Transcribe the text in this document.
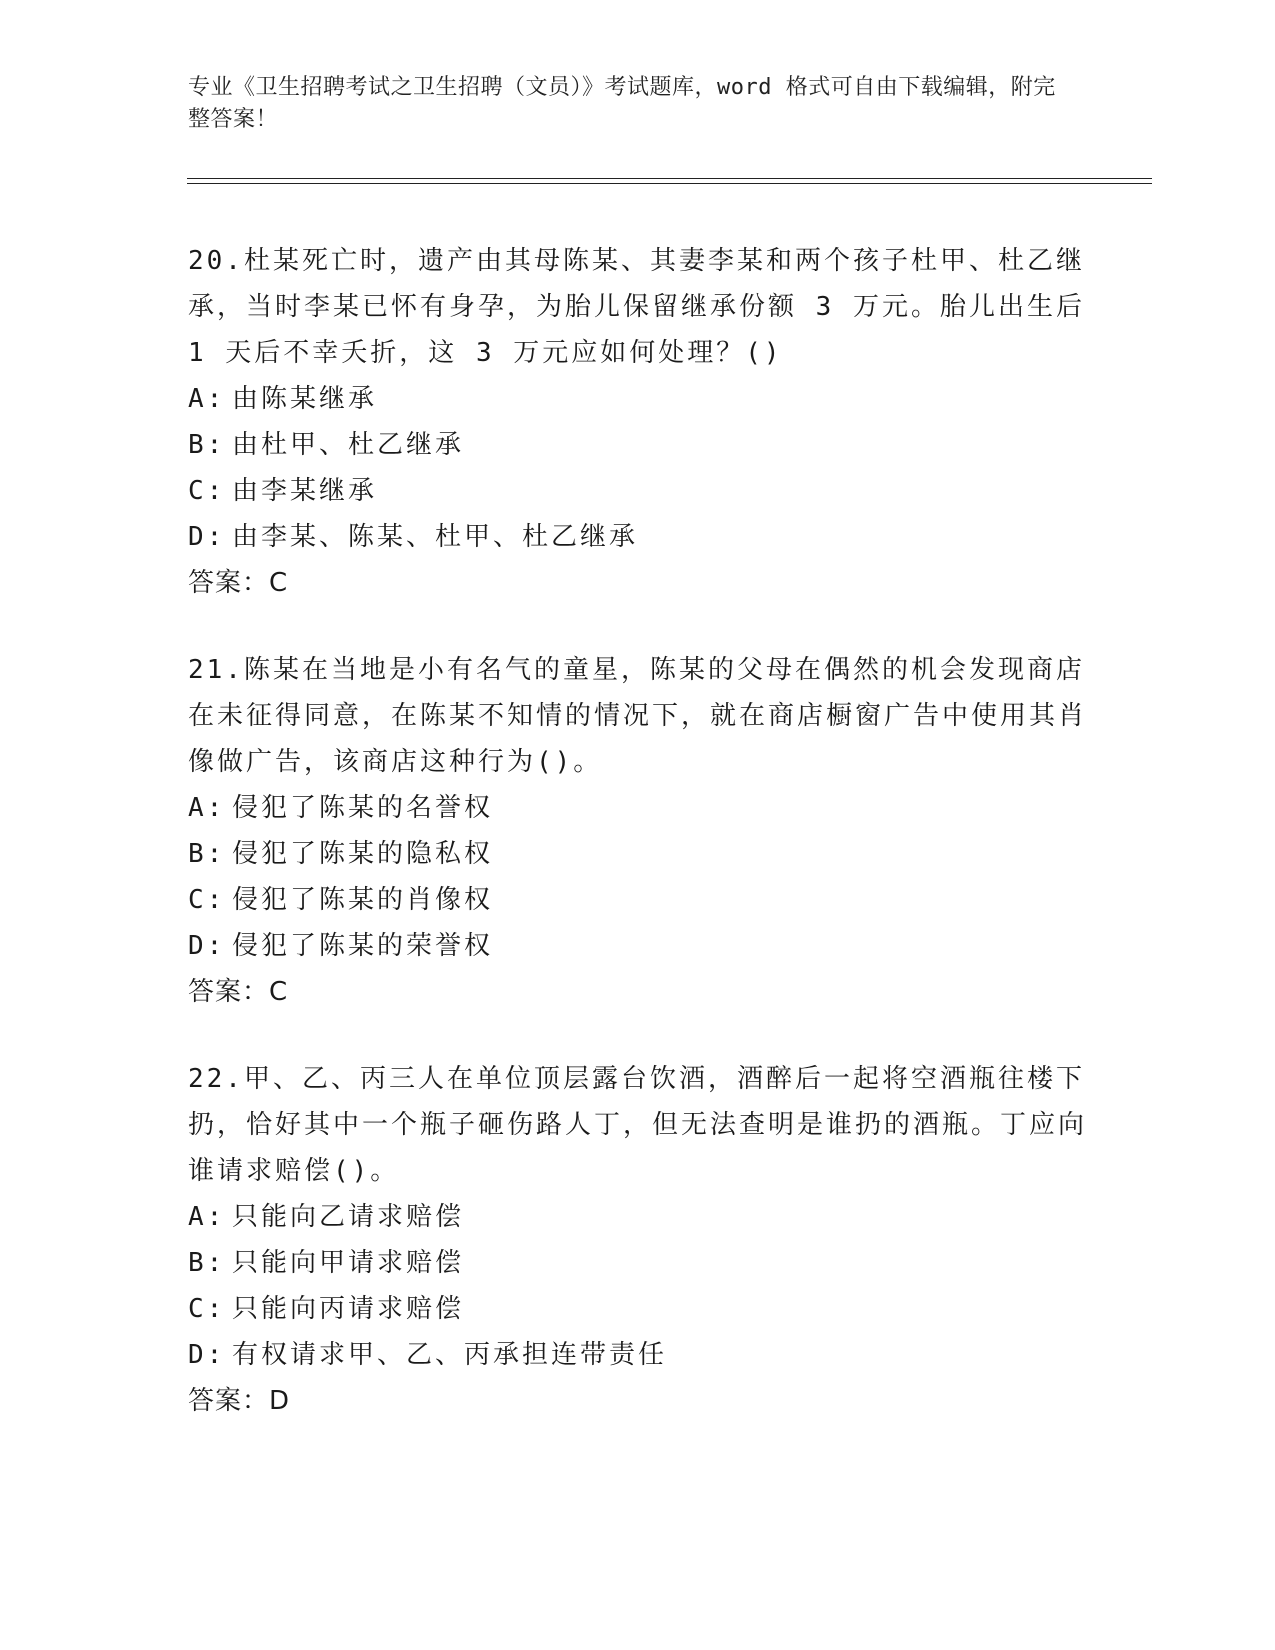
专业《卫生招聘考试之卫生招聘（文员）》考试题库，word 格式可自由下载编辑，附完整答案！

20.杜某死亡时，遗产由其母陈某、其妻李某和两个孩子杜甲、杜乙继承，当时李某已怀有身孕，为胎儿保留继承份额 3 万元。胎儿出生后 1 天后不幸夭折，这 3 万元应如何处理？()

A: 由陈某继承

B: 由杜甲、杜乙继承

C: 由李某继承

D: 由李某、陈某、杜甲、杜乙继承

答案：C

21.陈某在当地是小有名气的童星，陈某的父母在偶然的机会发现商店在未征得同意，在陈某不知情的情况下，就在商店橱窗广告中使用其肖像做广告，该商店这种行为()。

A: 侵犯了陈某的名誉权

B: 侵犯了陈某的隐私权

C: 侵犯了陈某的肖像权

D: 侵犯了陈某的荣誉权

答案：C

22.甲、乙、丙三人在单位顶层露台饮酒，酒醉后一起将空酒瓶往楼下扔，恰好其中一个瓶子砸伤路人丁，但无法查明是谁扔的酒瓶。丁应向谁请求赔偿()。

A: 只能向乙请求赔偿

B: 只能向甲请求赔偿

C: 只能向丙请求赔偿

D: 有权请求甲、乙、丙承担连带责任

答案：D
